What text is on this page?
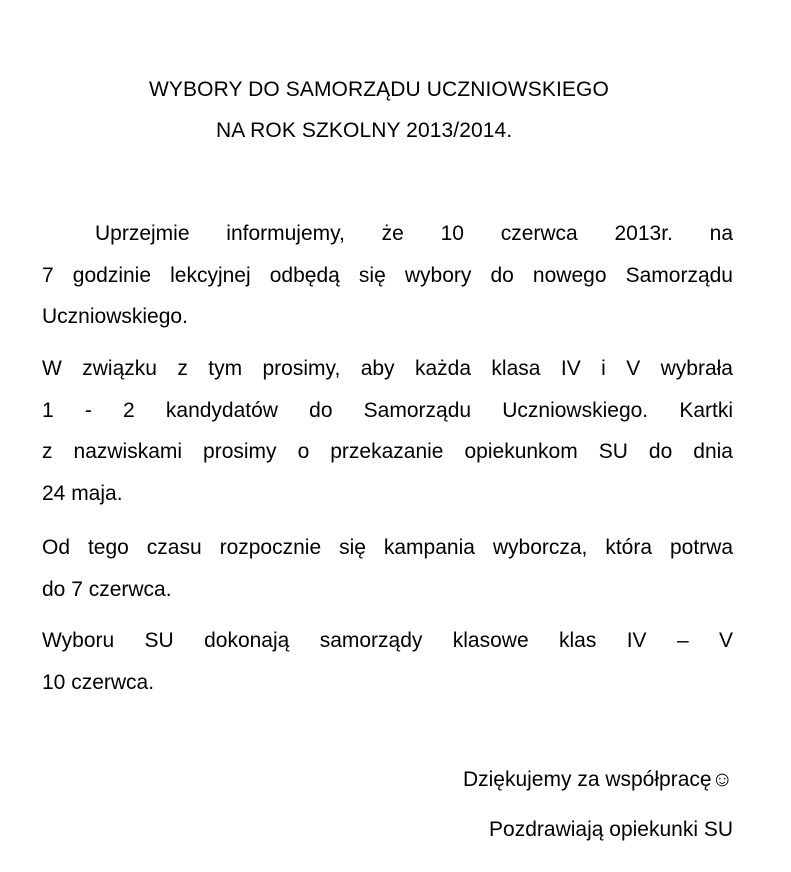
WYBORY DO SAMORZĄDU UCZNIOWSKIEGO
NA ROK SZKOLNY 2013/2014.
Uprzejmie informujemy, że 10 czerwca 2013r. na
7 godzinie lekcyjnej odbędą się wybory do nowego Samorządu
Uczniowskiego.
W związku z tym prosimy, aby każda klasa IV i V wybrała
1 - 2 kandydatów do Samorządu Uczniowskiego. Kartki
z nazwiskami prosimy o przekazanie opiekunkom SU do dnia
24 maja.
Od tego czasu rozpocznie się kampania wyborcza, która potrwa
do 7 czerwca.
Wyboru SU dokonają samorządy klasowe klas IV – V
10 czerwca.
Dziękujemy za współpracę☺
Pozdrawiają opiekunki SU
